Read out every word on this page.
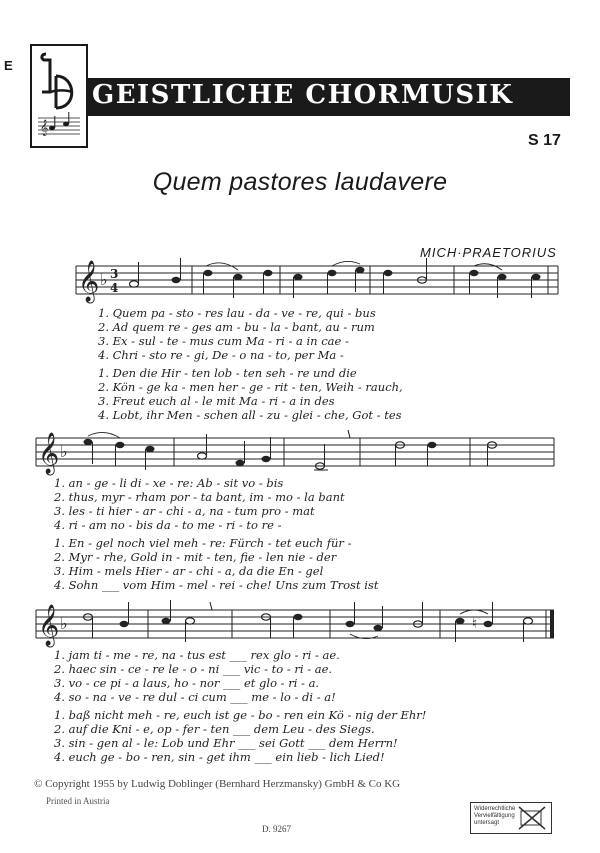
E
GEISTLICHE CHORMUSIK
𝄞
S 17
Quem pastores laudavere
MICH·PRAETORIUS
𝄞 ♭ 3
4
1. Quem pa - sto - res lau - da - ve - re, qui - bus
2. Ad quem re - ges am - bu - la - bant, au - rum
3. Ex - sul - te - mus cum Ma - ri - a in cae -
4. Chri - sto re - gi, De - o na - to, per Ma -
1. Den die Hir - ten lob - ten seh - re und die
2. Kön - ge ka - men her - ge - rit - ten, Weih - rauch,
3. Freut euch al - le mit Ma - ri - a in des
4. Lobt, ihr Men - schen all - zu - glei - che, Got - tes
𝄞 ♭
1. an - ge - li di - xe - re: Ab - sit vo - bis
2. thus, myr - rham por - ta bant, im - mo - la bant
3. les - ti hier - ar - chi - a, na - tum pro - mat
4. ri - am no - bis da - to me - ri - to re -
1. En - gel noch viel meh - re: Fürch - tet euch für -
2. Myr - rhe, Gold in - mit - ten, fie - len nie - der
3. Him - mels Hier - ar - chi - a, da die En - gel
4. Sohn ___ vom Him - mel - rei - che! Uns zum Trost ist
𝄞 ♭	♮
1. jam ti - me - re, na - tus est ___ rex glo - ri - ae.
2. haec sin - ce - re le - o - ni ___ vic - to - ri - ae.
3. vo - ce pi - a laus, ho - nor ___ et glo - ri - a.
4. so - na - ve - re dul - ci cum ___ me - lo - di - a!
1. baß nicht meh - re, euch ist ge - bo - ren ein Kö - nig der Ehr!
2. auf die Kni - e, op - fer - ten ___ dem Leu - des Siegs.
3. sin - gen al - le: Lob und Ehr ___ sei Gott ___ dem Herrn!
4. euch ge - bo - ren, sin - get ihm ___ ein lieb - lich Lied!
© Copyright 1955 by Ludwig Doblinger (Bernhard Herzmansky) GmbH & Co KG
Printed in Austria
D. 9267
Widerrechtliche Vervielfältigung untersagt
